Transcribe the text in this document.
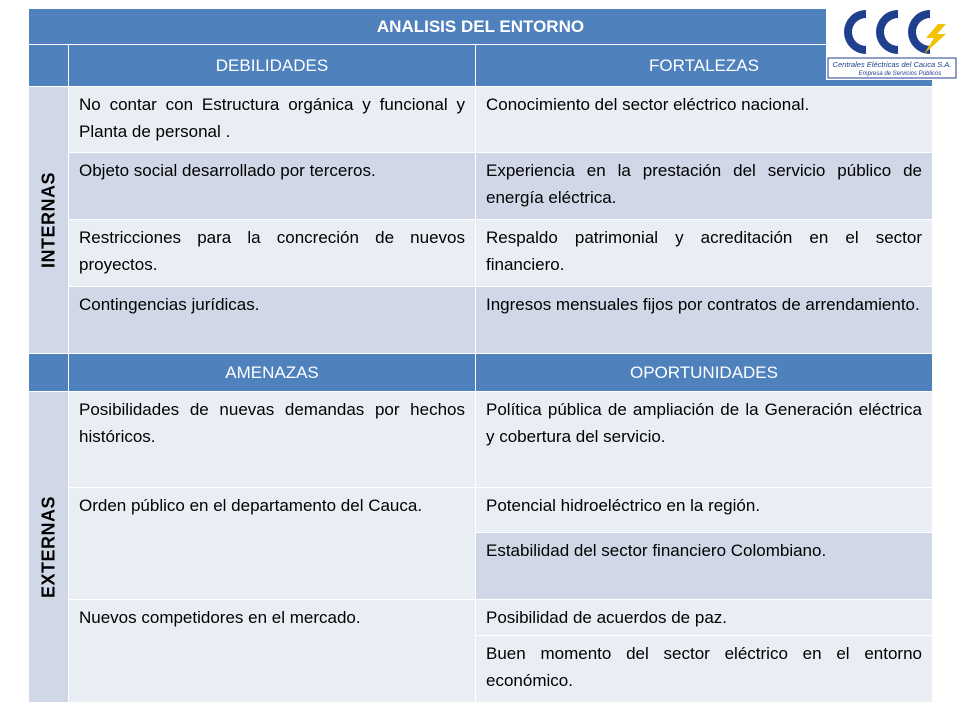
ANALISIS DEL ENTORNO		
	DEBILIDADES	FORTALEZAS

INTERNAS	No contar con Estructura orgánica y funcional y Planta de personal .	Conocimiento del sector eléctrico nacional.
	Objeto social desarrollado por terceros.	Experiencia en la prestación del servicio público de energía eléctrica.
	Restricciones para la concreción de nuevos proyectos.	Respaldo patrimonial y acreditación en el sector financiero.
	Contingencias jurídicas.	Ingresos mensuales fijos por contratos de arrendamiento.
	AMENAZAS	OPORTUNIDADES

EXTERNAS	Posibilidades de nuevas demandas por hechos históricos.	Política pública de ampliación de la Generación eléctrica y cobertura del servicio.
	Orden público en el departamento del Cauca.	Potencial hidroeléctrico en la región.
		Estabilidad del sector financiero Colombiano.
	Nuevos competidores en el mercado.	Posibilidad de acuerdos de paz.
		Buen momento del sector eléctrico en el entorno económico.
Centrales Eléctricas del Cauca S.A.
Empresa de Servicios Públicos
